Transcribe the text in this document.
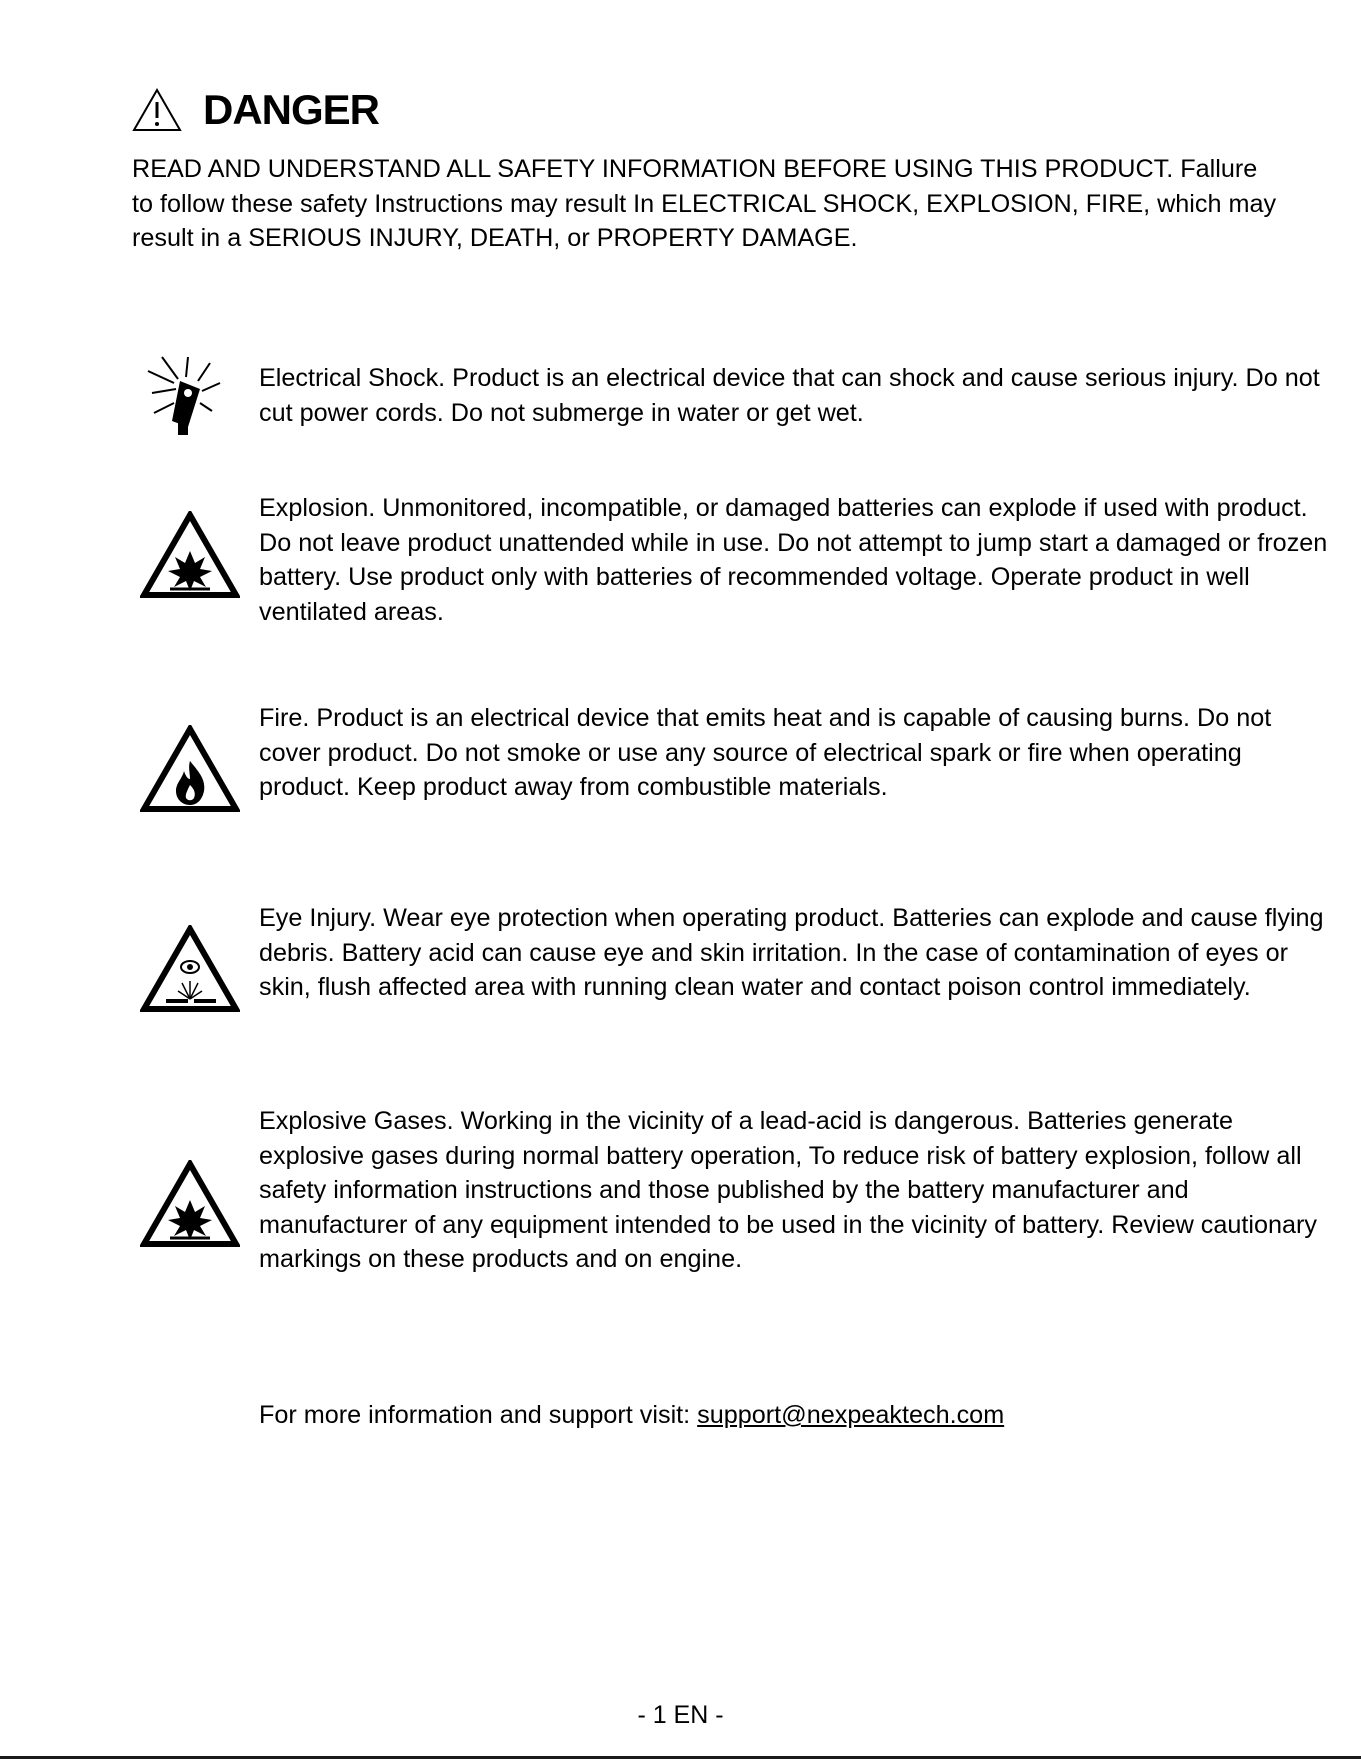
DANGER

READ AND UNDERSTAND ALL SAFETY INFORMATION BEFORE USING THIS PRODUCT. Fallure to follow these safety Instructions may result In ELECTRICAL SHOCK, EXPLOSION, FIRE, which may result in a SERIOUS INJURY, DEATH, or PROPERTY DAMAGE.

Electrical Shock. Product is an electrical device that can shock and cause serious injury. Do not cut power cords. Do not submerge in water or get wet.

Explosion. Unmonitored, incompatible, or damaged batteries can explode if used with product. Do not leave product unattended while in use. Do not attempt to jump start a damaged or frozen battery. Use product only with batteries of recommended voltage. Operate product in well ventilated areas.

Fire. Product is an electrical device that emits heat and is capable of causing burns. Do not cover product. Do not smoke or use any source of electrical spark or fire when operating product. Keep product away from combustible materials.

Eye Injury. Wear eye protection when operating product. Batteries can explode and cause flying debris. Battery acid can cause eye and skin irritation. In the case of contamination of eyes or skin, flush affected area with running clean water and contact poison control immediately.

Explosive Gases. Working in the vicinity of a lead-acid is dangerous. Batteries generate explosive gases during normal battery operation, To reduce risk of battery explosion, follow all safety information instructions and those published by the battery manufacturer and manufacturer of any equipment intended to be used in the vicinity of battery. Review cautionary markings on these products and on engine.

For more information and support visit: support@nexpeaktech.com

- 1 EN -
